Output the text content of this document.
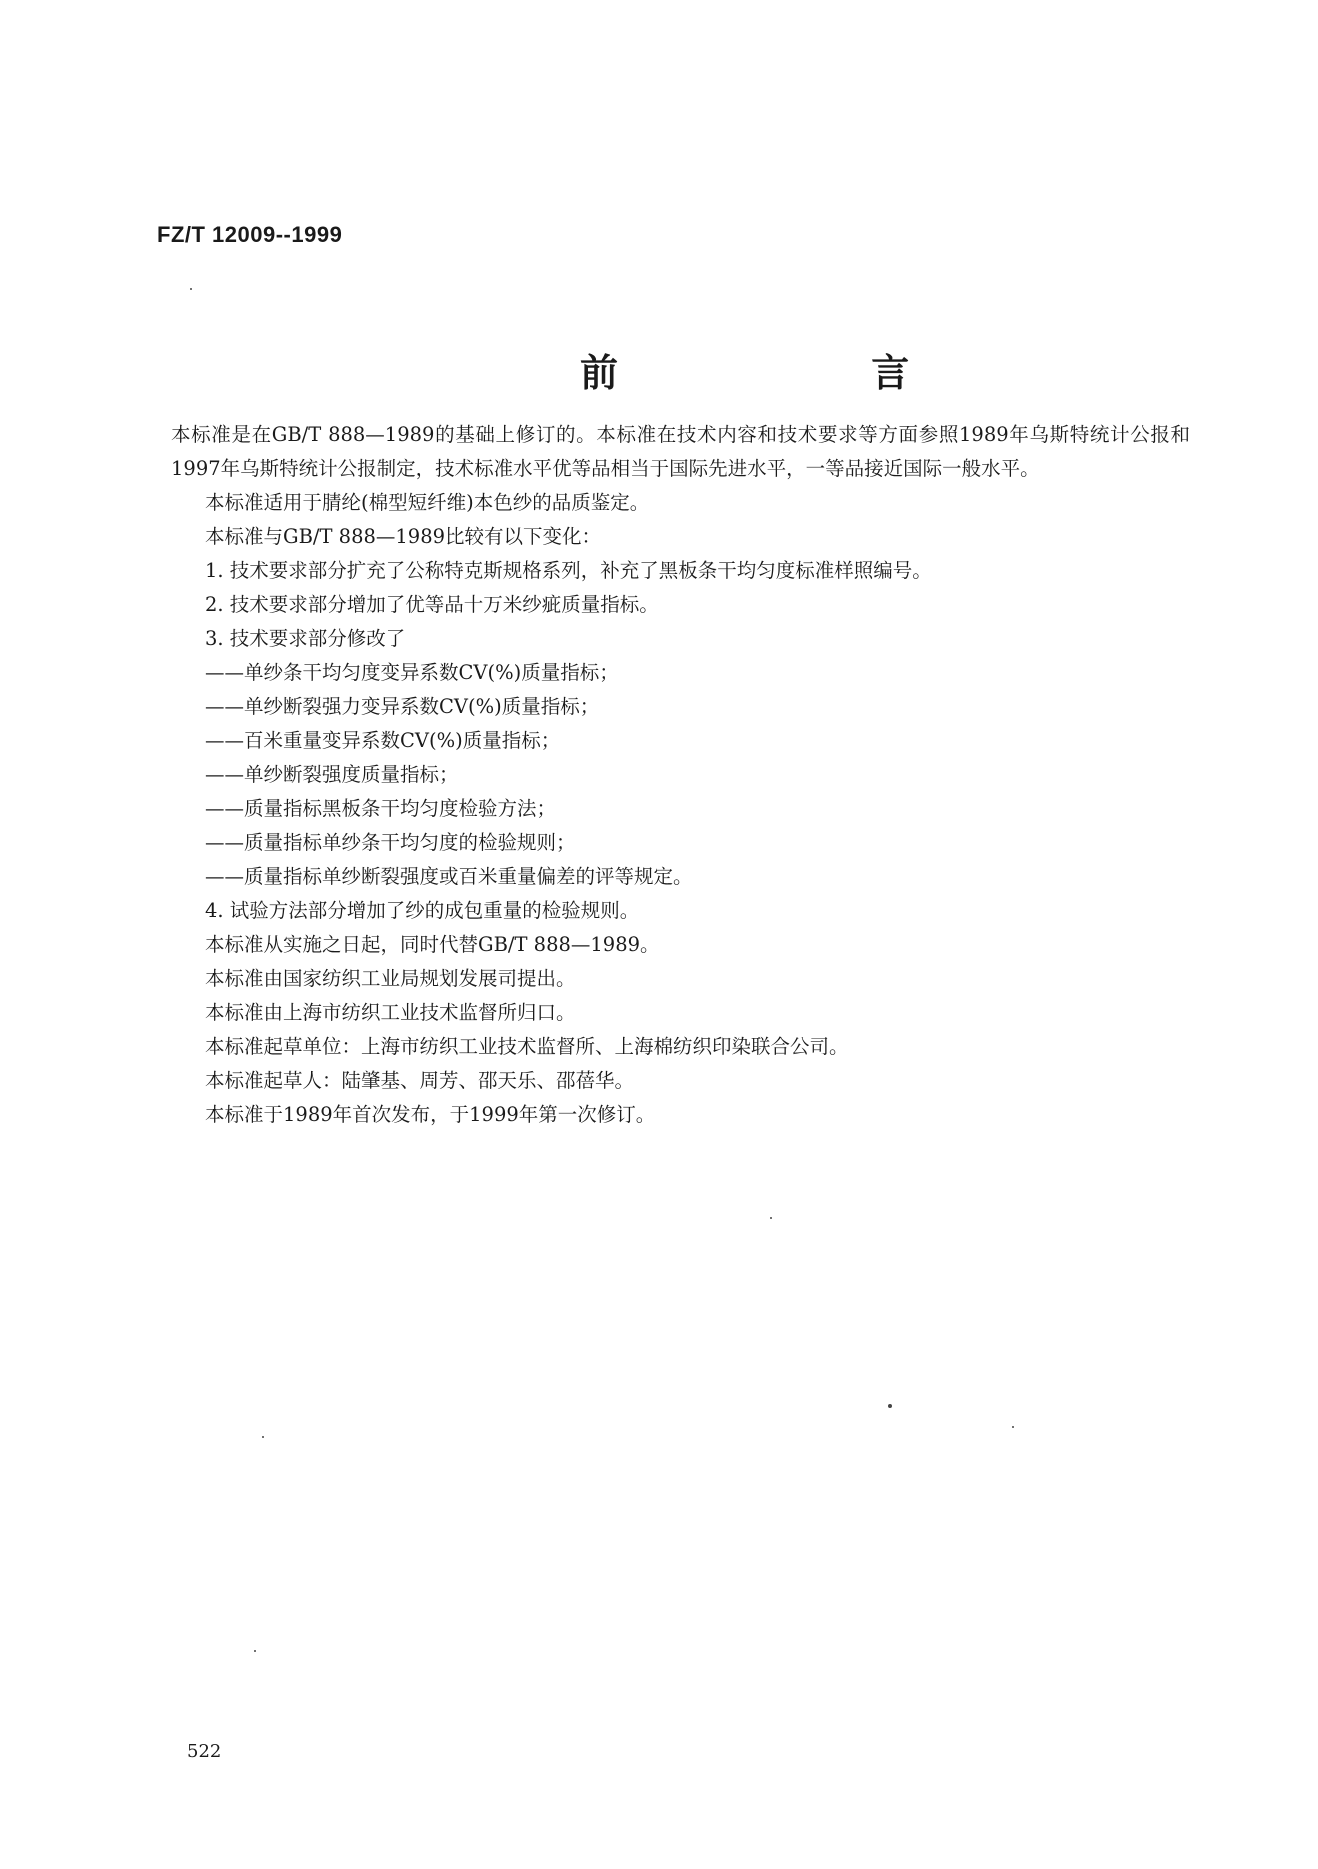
FZ/T 12009--1999
前 言

本标准是在GB/T 888—1989的基础上修订的。本标准在技术内容和技术要求等方面参照1989年乌斯特统计公报和1997年乌斯特统计公报制定，技术标准水平优等品相当于国际先进水平，一等品接近国际一般水平。

本标准适用于腈纶(棉型短纤维)本色纱的品质鉴定。

本标准与GB/T 888—1989比较有以下变化：

1. 技术要求部分扩充了公称特克斯规格系列，补充了黑板条干均匀度标准样照编号。

2. 技术要求部分增加了优等品十万米纱疵质量指标。

3. 技术要求部分修改了

——单纱条干均匀度变异系数CV(%)质量指标；

——单纱断裂强力变异系数CV(%)质量指标；

——百米重量变异系数CV(%)质量指标；

——单纱断裂强度质量指标；

——质量指标黑板条干均匀度检验方法；

——质量指标单纱条干均匀度的检验规则；

——质量指标单纱断裂强度或百米重量偏差的评等规定。

4. 试验方法部分增加了纱的成包重量的检验规则。

本标准从实施之日起，同时代替GB/T 888—1989。

本标准由国家纺织工业局规划发展司提出。

本标准由上海市纺织工业技术监督所归口。

本标准起草单位：上海市纺织工业技术监督所、上海棉纺织印染联合公司。

本标准起草人：陆肇基、周芳、邵天乐、邵蓓华。

本标准于1989年首次发布，于1999年第一次修订。

522
